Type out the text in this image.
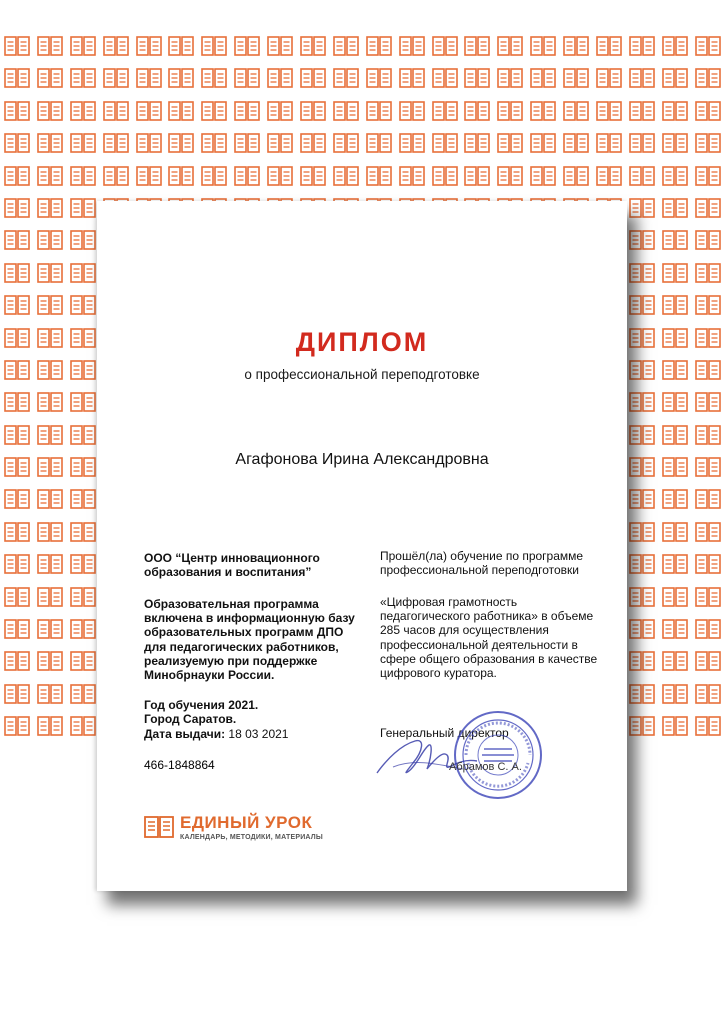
ДИПЛОМ
о профессиональной переподготовке
Агафонова Ирина Александровна
ООО “Центр инновационного образования и воспитания”
Образовательная программа включена в информационную базу образовательных программ ДПО для педагогических работников, реализуемую при поддержке Минобрнауки России.
Год обучения 2021.
Город Саратов.
Дата выдачи: 18 03 2021
466-1848864
Прошёл(ла) обучение по программе профессиональной переподготовки
«Цифровая грамотность педагогического работника» в объеме 285 часов для осуществления профессиональной деятельности в сфере общего образования в качестве цифрового куратора.
Генеральный директор
Абрамов С. А.
ЕДИНЫЙ УРОК
КАЛЕНДАРЬ, МЕТОДИКИ, МАТЕРИАЛЫ
